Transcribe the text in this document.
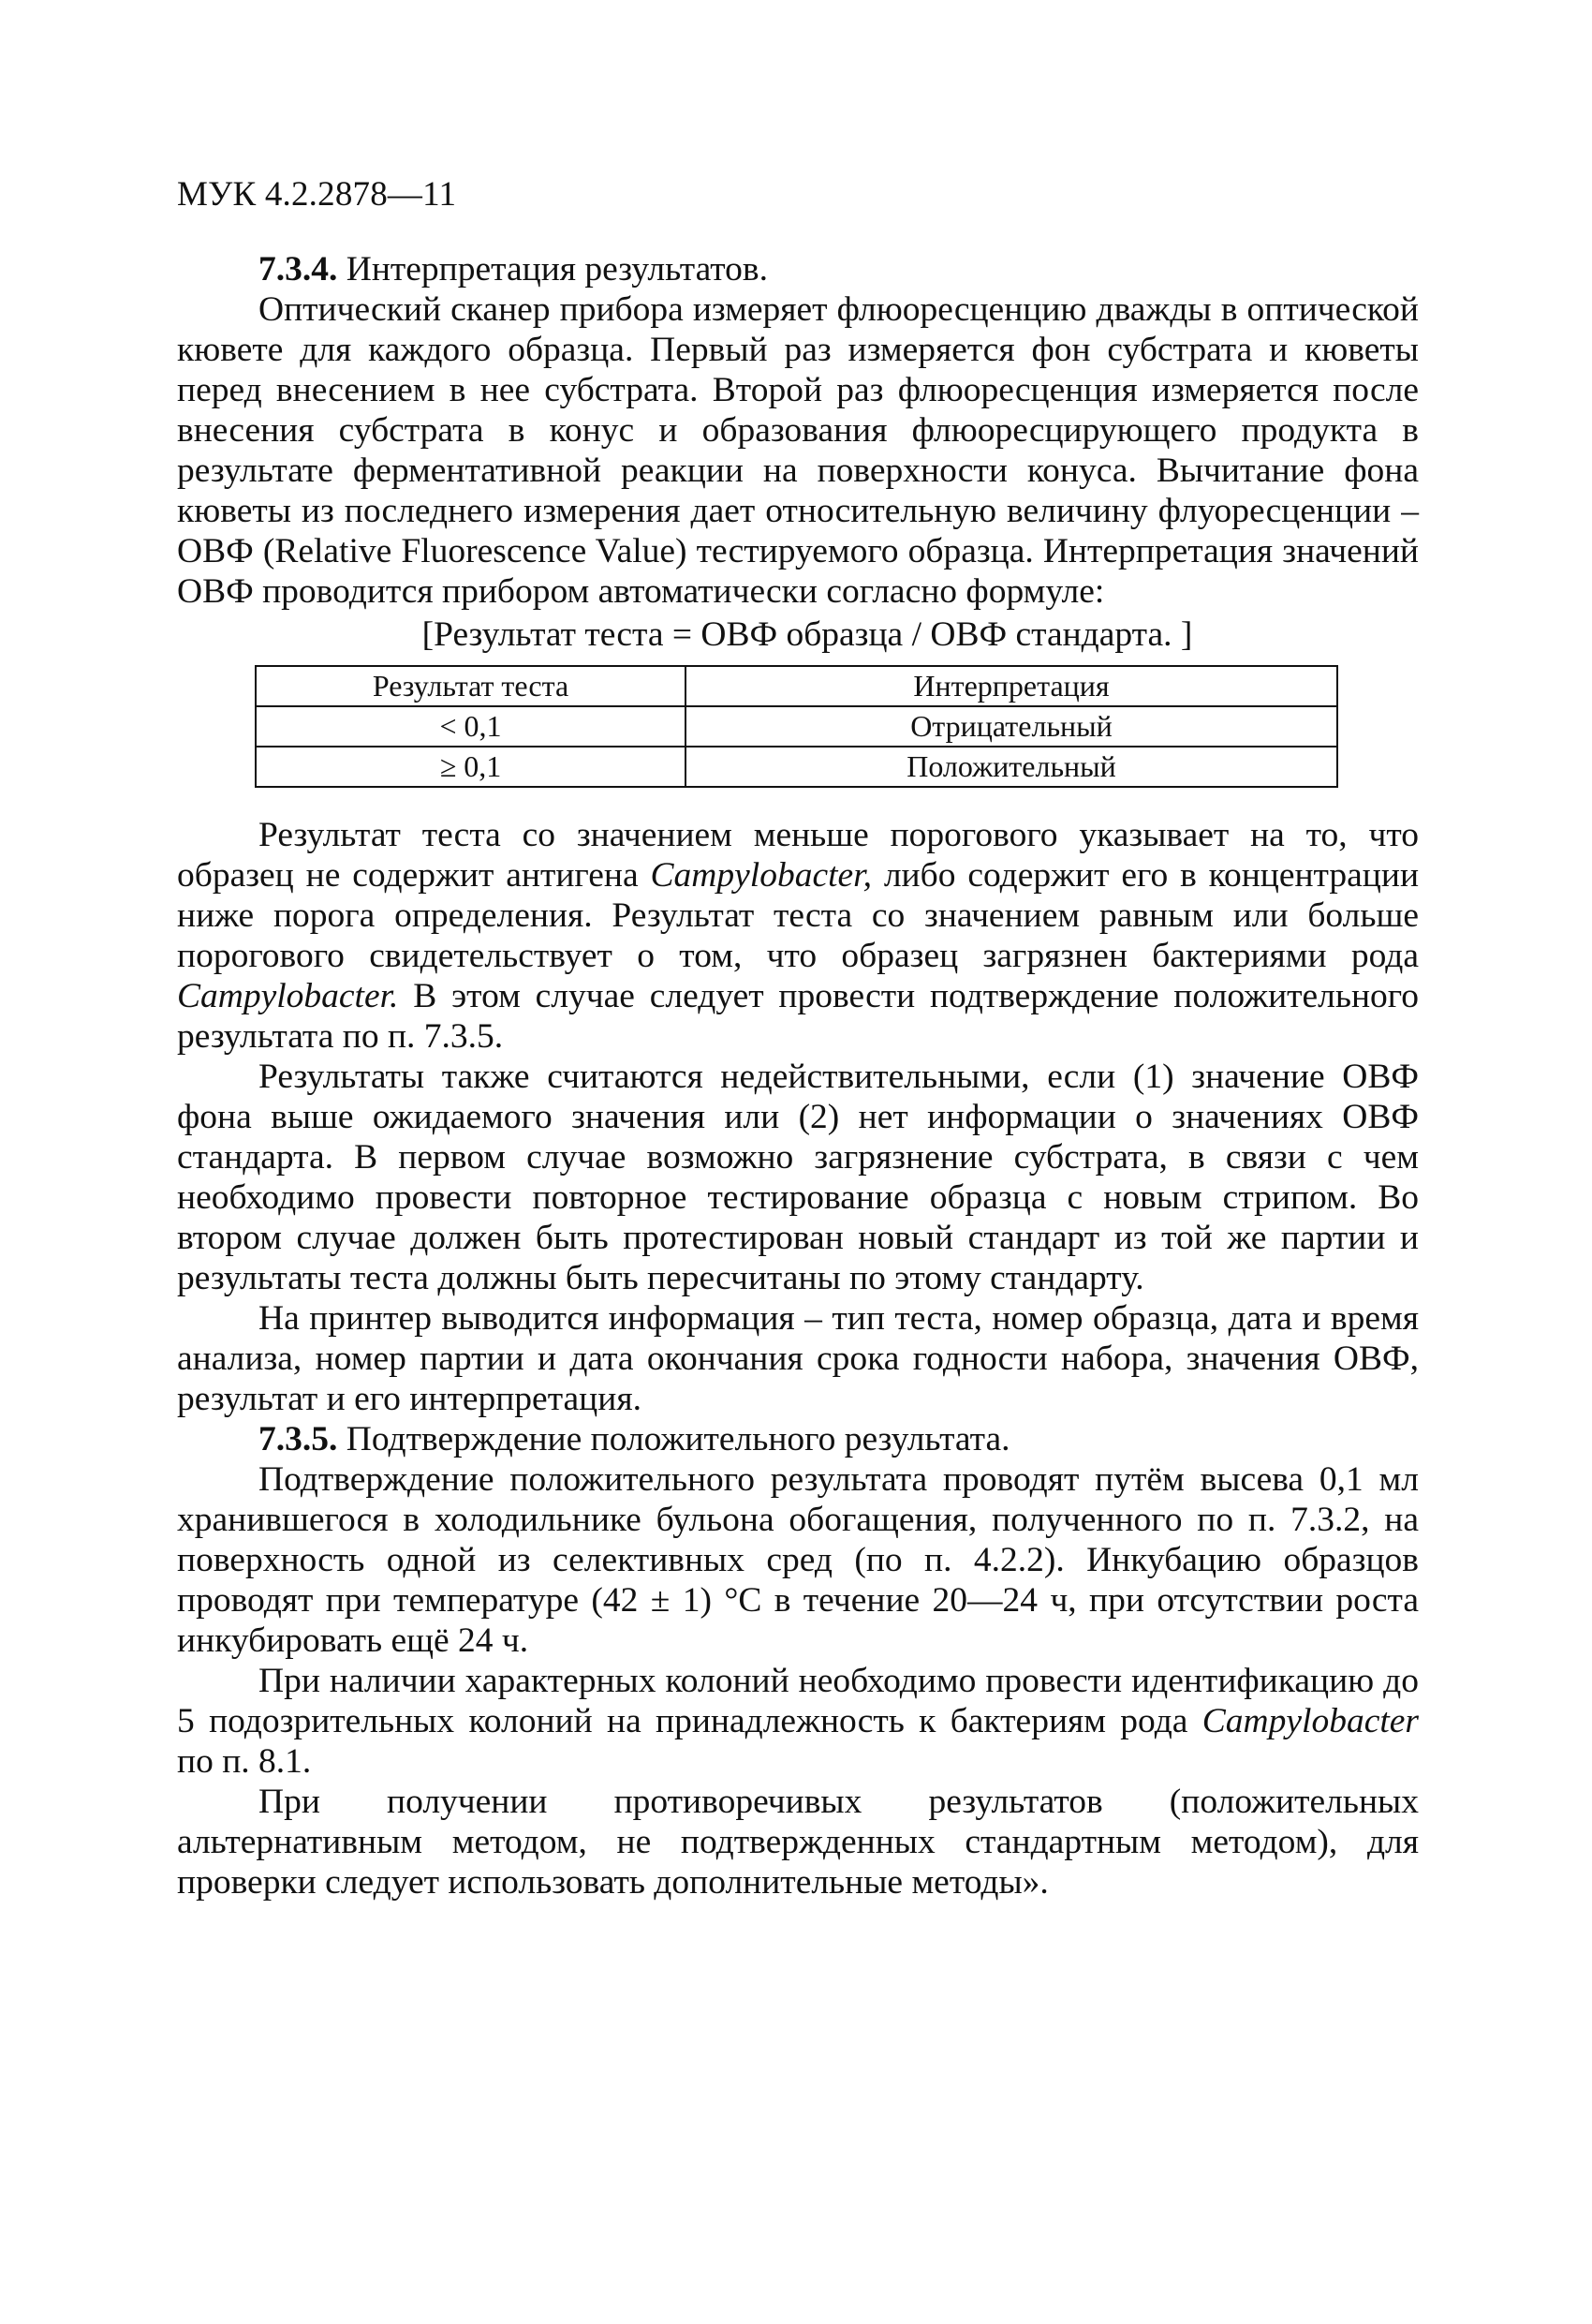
МУК 4.2.2878—11

7.3.4. Интерпретация результатов.

Оптический сканер прибора измеряет флюоресценцию дважды в оптической кювете для каждого образца. Первый раз измеряется фон субстрата и кюветы перед внесением в нее субстрата. Второй раз флюоресценция измеряется после внесения субстрата в конус и образования флюоресцирующего продукта в результате ферментативной реакции на поверхности конуса. Вычитание фона кюветы из последнего измерения дает относительную величину флуоресценции – ОВФ (Relative Fluorescence Value) тестируемого образца. Интерпретация значений ОВФ проводится прибором автоматически согласно формуле:

[Результат теста = ОВФ образца / ОВФ стандарта. ]

Результат теста	Интерпретация
< 0,1	Отрицательный
≥ 0,1	Положительный

Результат теста со значением меньше порогового указывает на то, что образец не содержит антигена Campylobacter, либо содержит его в концентрации ниже порога определения. Результат теста со значением равным или больше порогового свидетельствует о том, что образец загрязнен бактериями рода Campylobacter. В этом случае следует провести подтверждение положительного результата по п. 7.3.5.

Результаты также считаются недействительными, если (1) значение ОВФ фона выше ожидаемого значения или (2) нет информации о значениях ОВФ стандарта. В первом случае возможно загрязнение субстрата, в связи с чем необходимо провести повторное тестирование образца с новым стрипом. Во втором случае должен быть протестирован новый стандарт из той же партии и результаты теста должны быть пересчитаны по этому стандарту.

На принтер выводится информация – тип теста, номер образца, дата и время анализа, номер партии и дата окончания срока годности набора, значения ОВФ, результат и его интерпретация.

7.3.5. Подтверждение положительного результата.

Подтверждение положительного результата проводят путём высева 0,1 мл хранившегося в холодильнике бульона обогащения, полученного по п. 7.3.2, на поверхность одной из селективных сред (по п. 4.2.2). Инкубацию образцов проводят при температуре (42 ± 1) °С в течение 20—24 ч, при отсутствии роста инкубировать ещё 24 ч.

При наличии характерных колоний необходимо провести идентификацию до 5 подозрительных колоний на принадлежность к бактериям рода Campylobacter по п. 8.1.

При получении противоречивых результатов (положительных альтернативным методом, не подтвержденных стандартным методом), для проверки следует использовать дополнительные методы».
